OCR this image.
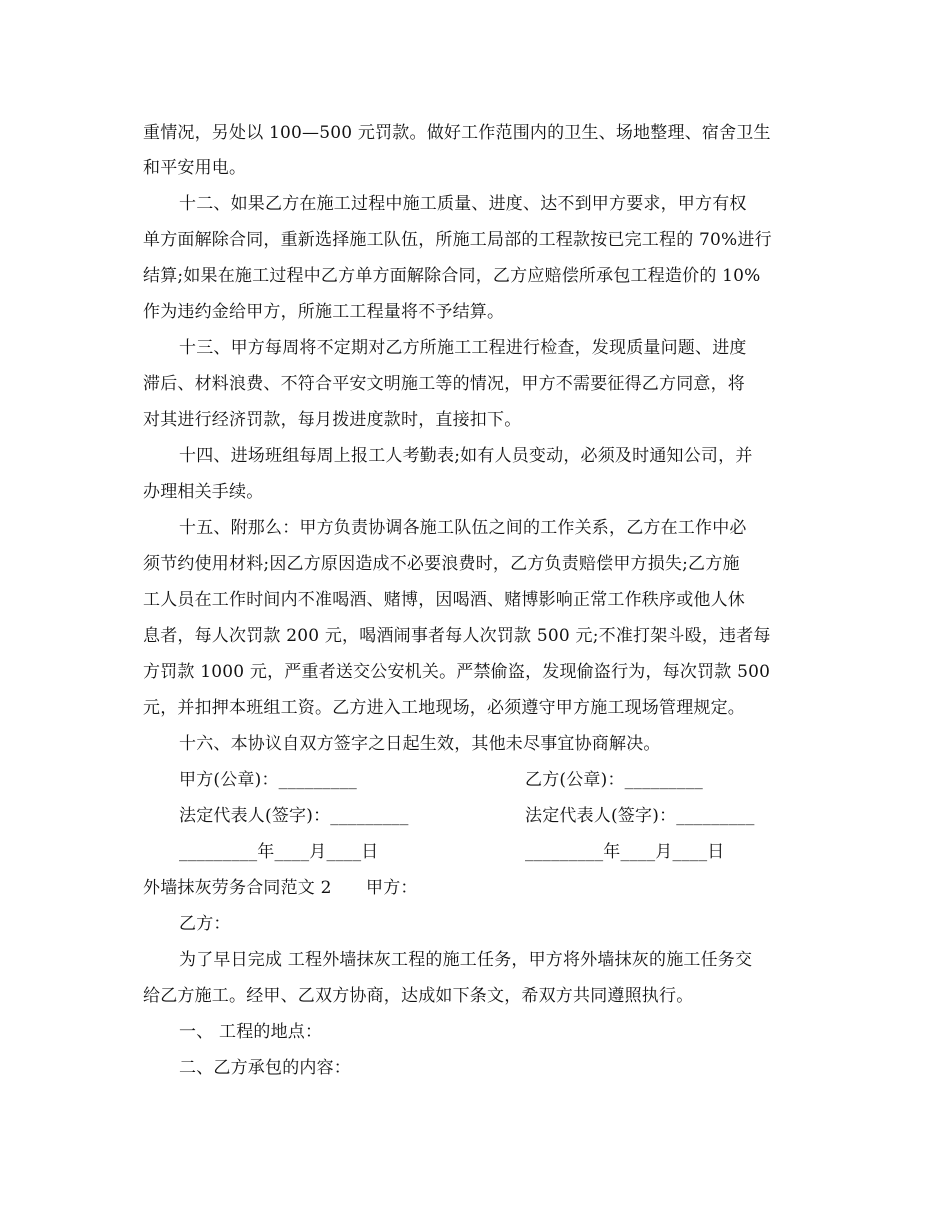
重情况，另处以 100—500 元罚款。做好工作范围内的卫生、场地整理、宿舍卫生
和平安用电。
十二、如果乙方在施工过程中施工质量、进度、达不到甲方要求，甲方有权
单方面解除合同，重新选择施工队伍，所施工局部的工程款按已完工程的 70%进行
结算;如果在施工过程中乙方单方面解除合同，乙方应赔偿所承包工程造价的 10%
作为违约金给甲方，所施工工程量将不予结算。
十三、甲方每周将不定期对乙方所施工工程进行检查，发现质量问题、进度
滞后、材料浪费、不符合平安文明施工等的情况，甲方不需要征得乙方同意，将
对其进行经济罚款，每月拨进度款时，直接扣下。
十四、进场班组每周上报工人考勤表;如有人员变动，必须及时通知公司，并
办理相关手续。
十五、附那么：甲方负责协调各施工队伍之间的工作关系，乙方在工作中必
须节约使用材料;因乙方原因造成不必要浪费时，乙方负责赔偿甲方损失;乙方施
工人员在工作时间内不准喝酒、赌博，因喝酒、赌博影响正常工作秩序或他人休
息者，每人次罚款 200 元，喝酒闹事者每人次罚款 500 元;不准打架斗殴，违者每
方罚款 1000 元，严重者送交公安机关。严禁偷盗，发现偷盗行为，每次罚款 500
元，并扣押本班组工资。乙方进入工地现场，必须遵守甲方施工现场管理规定。
十六、本协议自双方签字之日起生效，其他未尽事宜协商解决。
甲方(公章)：_________	乙方(公章)：_________
法定代表人(签字)：_________	法定代表人(签字)：_________
_________年____月____日	_________年____月____日
外墙抹灰劳务合同范文 2　　甲方：
乙方：
为了早日完成 工程外墙抹灰工程的施工任务，甲方将外墙抹灰的施工任务交
给乙方施工。经甲、乙双方协商，达成如下条文，希双方共同遵照执行。
一、 工程的地点：
二、乙方承包的内容：
